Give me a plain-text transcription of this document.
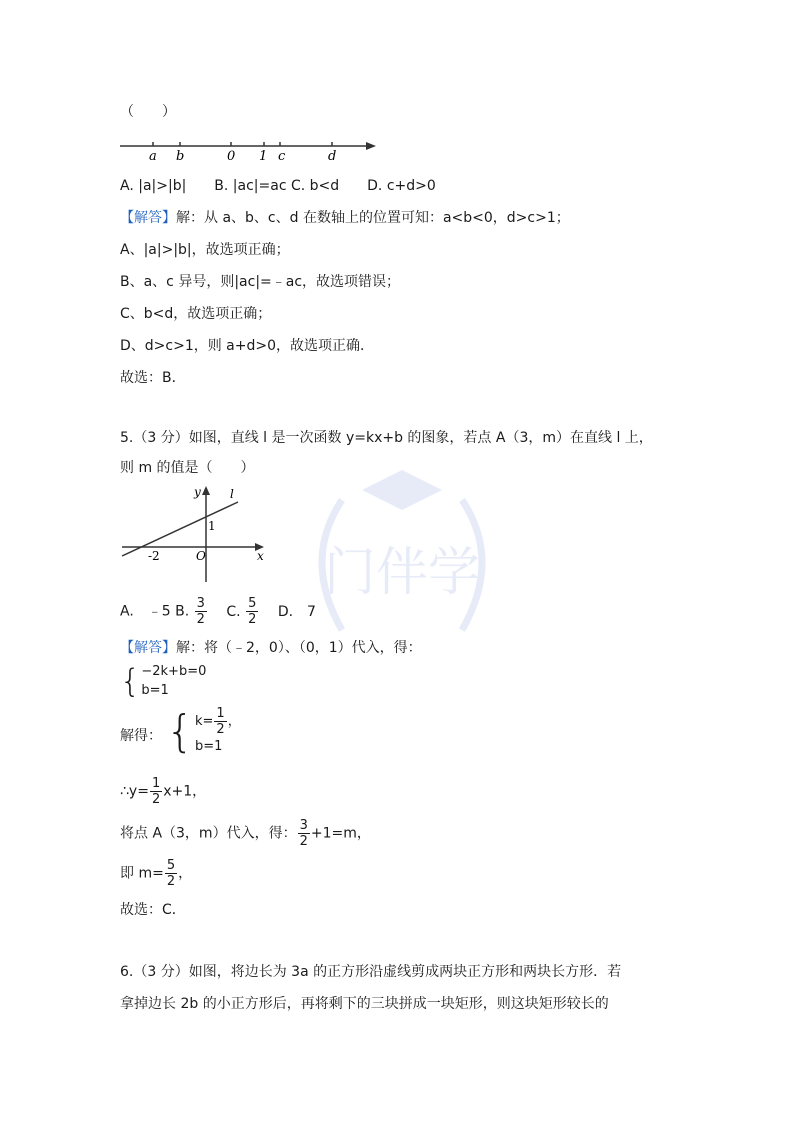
门伴学
（　　）
a b	0 1 c	d
A. |a|>|b|　　B. |ac|=ac C. b<d　　D. c+d>0
【解答】解：从 a、b、c、d 在数轴上的位置可知：a<b<0，d>c>1；
A、|a|>|b|，故选项正确；
B、a、c 异号，则|ac|=﹣ac，故选项错误；
C、b<d，故选项正确；
D、d>c>1，则 a+d>0，故选项正确．
故选：B．
5.（3 分）如图，直线 l 是一次函数 y=kx+b 的图象，若点 A（3，m）在直线 l 上，
则 m 的值是（　　）
y l
1
O
-2	x
A.　﹣5 B. $\frac{3}{2} C$. $\frac{5}{2} D$.　7
【解答】解：将（﹣2，0）、（0，1）代入，得：
{ −2k+b=0
b=1
解得： { $k= \frac{1}{2}$ ，
b=1
∴y= $\frac{1}{2} x+1$，
将点 A（3，m）代入，得： $\frac{3}{2} +1=m$，
即 $m= \frac{5}{2}$ ，
故选：C．
6.（3 分）如图，将边长为 3a 的正方形沿虚线剪成两块正方形和两块长方形．若
拿掉边长 2b 的小正方形后，再将剩下的三块拼成一块矩形，则这块矩形较长的
